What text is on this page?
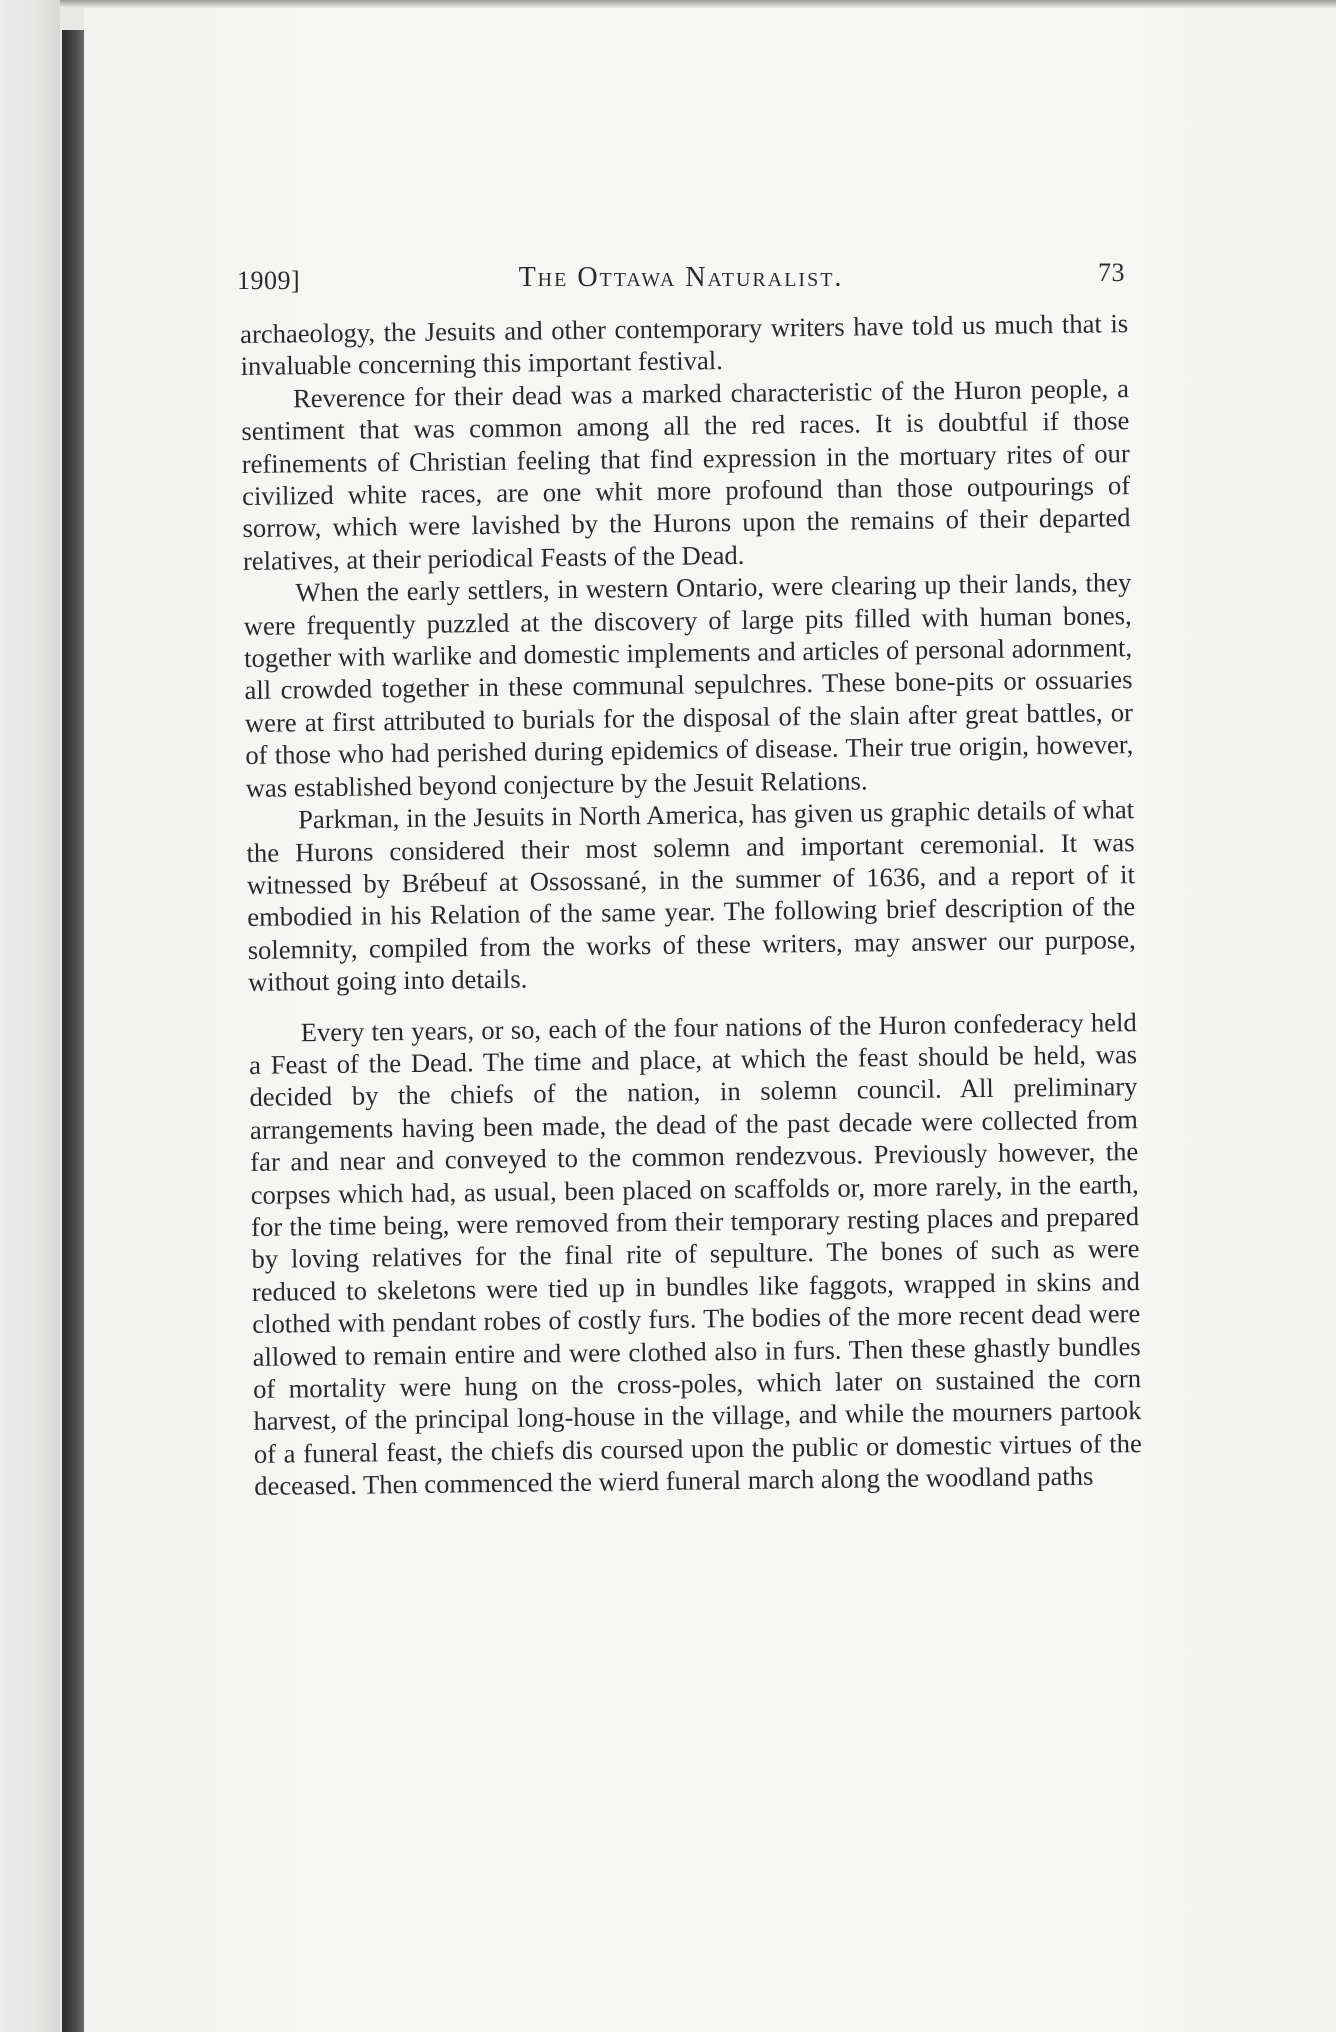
1909]	The Ottawa Naturalist.	73

archaeology, the Jesuits and other contemporary writers have told us much that is invaluable concerning this important festival.

Reverence for their dead was a marked characteristic of the Huron people, a sentiment that was common among all the red races. It is doubtful if those refinements of Christian feeling that find expression in the mortuary rites of our civilized white races, are one whit more profound than those outpourings of sorrow, which were lavished by the Hurons upon the remains of their departed relatives, at their periodical Feasts of the Dead.

When the early settlers, in western Ontario, were clearing up their lands, they were frequently puzzled at the discovery of large pits filled with human bones, together with warlike and domestic implements and articles of personal adornment, all crowded together in these communal sepulchres. These bone-pits or ossuaries were at first attributed to burials for the disposal of the slain after great battles, or of those who had perished during epidemics of disease. Their true origin, however, was established beyond conjecture by the Jesuit Relations.

Parkman, in the Jesuits in North America, has given us graphic details of what the Hurons considered their most solemn and important ceremonial. It was witnessed by Brébeuf at Ossossané, in the summer of 1636, and a report of it embodied in his Relation of the same year. The following brief description of the solemnity, compiled from the works of these writers, may answer our purpose, without going into details.

Every ten years, or so, each of the four nations of the Huron confederacy held a Feast of the Dead. The time and place, at which the feast should be held, was decided by the chiefs of the nation, in solemn council. All preliminary arrangements having been made, the dead of the past decade were collected from far and near and conveyed to the common rendezvous. Previously however, the corpses which had, as usual, been placed on scaffolds or, more rarely, in the earth, for the time being, were removed from their temporary resting places and prepared by loving relatives for the final rite of sepulture. The bones of such as were reduced to skeletons were tied up in bundles like faggots, wrapped in skins and clothed with pendant robes of costly furs. The bodies of the more recent dead were allowed to remain entire and were clothed also in furs. Then these ghastly bundles of mortality were hung on the cross-poles, which later on sustained the corn harvest, of the principal long-house in the village, and while the mourners partook of a funeral feast, the chiefs dis coursed upon the public or domestic virtues of the deceased. Then commenced the wierd funeral march along the woodland paths
